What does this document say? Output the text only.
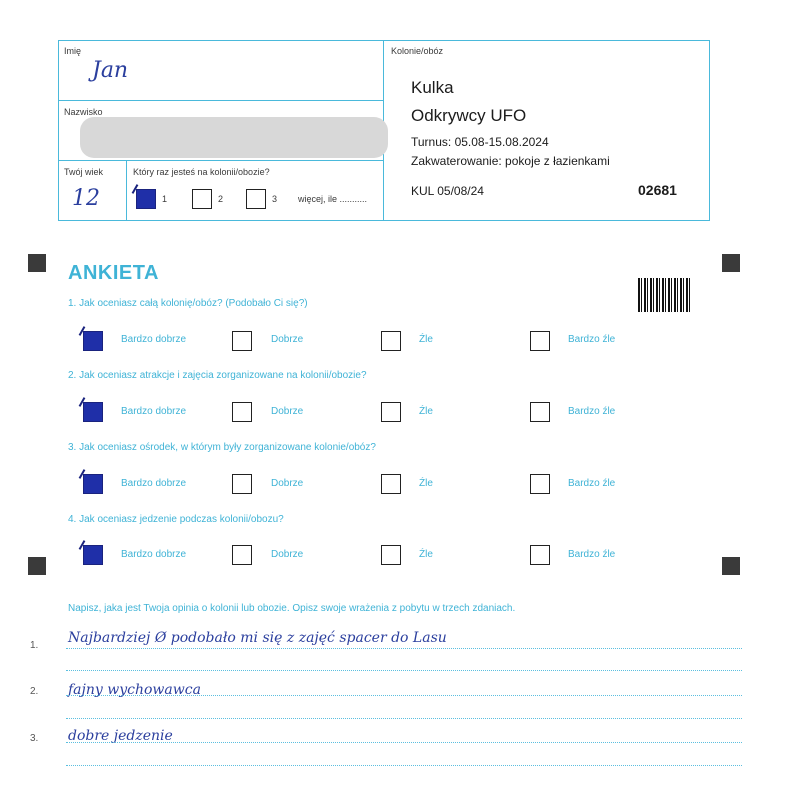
Imię
Jan
Nazwisko
Twój wiek
12
Który raz jesteś na kolonii/obozie?
1	2	3 więcej, ile ...........
Kolonie/obóz
Kulka
Odkrywcy UFO
Turnus: 05.08-15.08.2024
Zakwaterowanie: pokoje z łazienkami
KUL 05/08/24	02681
ANKIETA
1. Jak oceniasz całą kolonię/obóz? (Podobało Ci się?)
Bardzo dobrze	Dobrze	Źle	Bardzo źle
2. Jak oceniasz atrakcje i zajęcia zorganizowane na kolonii/obozie?
Bardzo dobrze	Dobrze	Źle	Bardzo źle
3. Jak oceniasz ośrodek, w którym były zorganizowane kolonie/obóz?
Bardzo dobrze	Dobrze	Źle	Bardzo źle
4. Jak oceniasz jedzenie podczas kolonii/obozu?
Bardzo dobrze	Dobrze	Źle	Bardzo źle
Napisz, jaka jest Twoja opinia o kolonii lub obozie. Opisz swoje wrażenia z pobytu w trzech zdaniach.
1. Najbardziej Ø podobało mi się z zajęć spacer do Lasu
2. fajny wychowawca
3. dobre jedzenie
